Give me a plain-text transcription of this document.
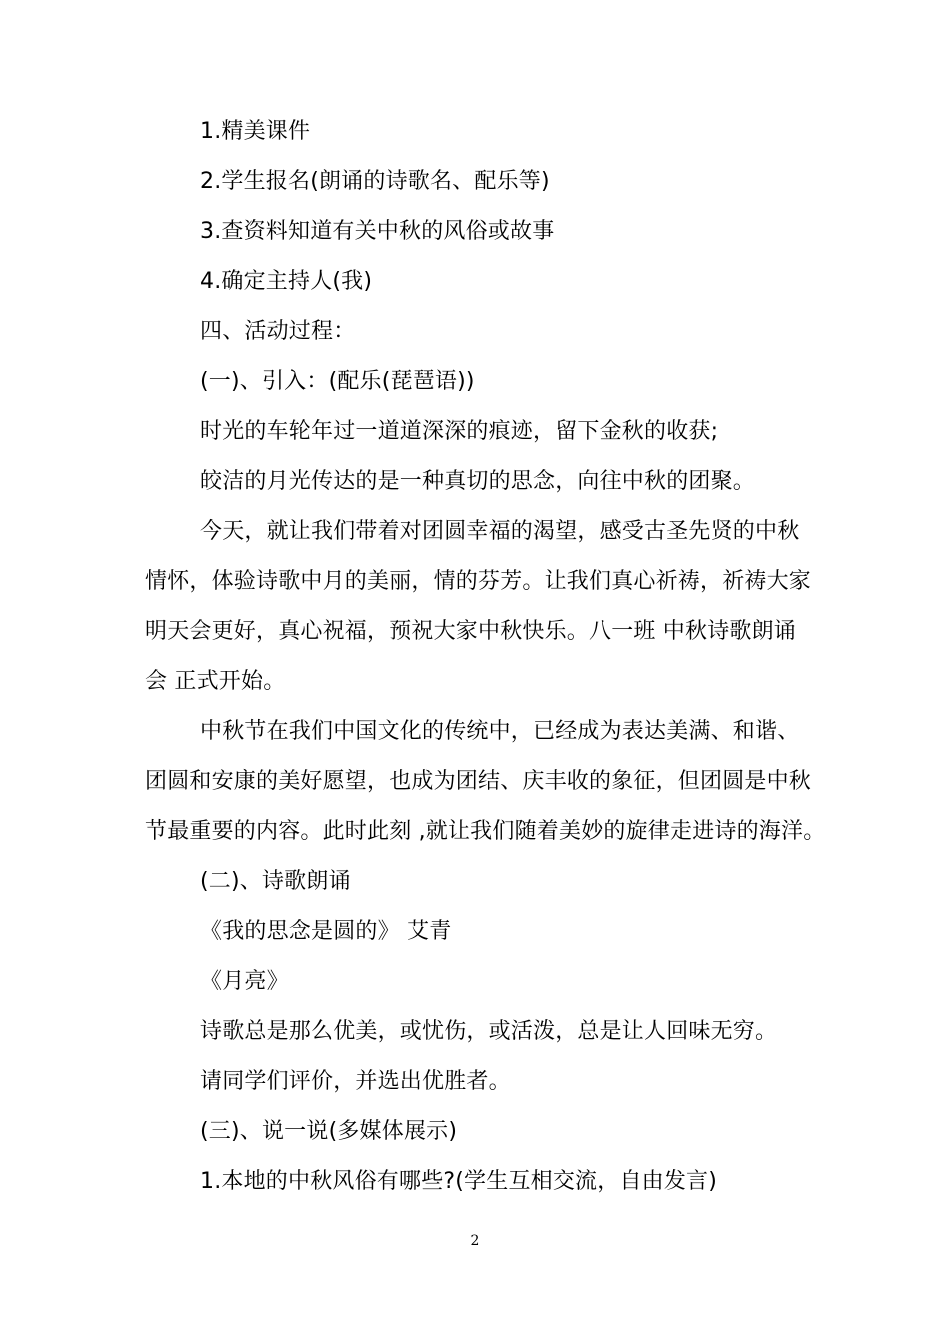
1.精美课件
2.学生报名(朗诵的诗歌名、配乐等)
3.查资料知道有关中秋的风俗或故事
4.确定主持人(我)
四、活动过程：
(一)、引入：(配乐(琵琶语))
时光的车轮年过一道道深深的痕迹，留下金秋的收获;
皎洁的月光传达的是一种真切的思念，向往中秋的团聚。
今天，就让我们带着对团圆幸福的渴望，感受古圣先贤的中秋
情怀，体验诗歌中月的美丽，情的芬芳。让我们真心祈祷，祈祷大家
明天会更好，真心祝福，预祝大家中秋快乐。八一班 中秋诗歌朗诵
会 正式开始。
中秋节在我们中国文化的传统中，已经成为表达美满、和谐、
团圆和安康的美好愿望，也成为团结、庆丰收的象征，但团圆是中秋
节最重要的内容。此时此刻 ,就让我们随着美妙的旋律走进诗的海洋。
(二)、诗歌朗诵
《我的思念是圆的》 艾青
《月亮》
诗歌总是那么优美，或忧伤，或活泼，总是让人回味无穷。
请同学们评价，并选出优胜者。
(三)、说一说(多媒体展示)
1.本地的中秋风俗有哪些?(学生互相交流，自由发言)
2
